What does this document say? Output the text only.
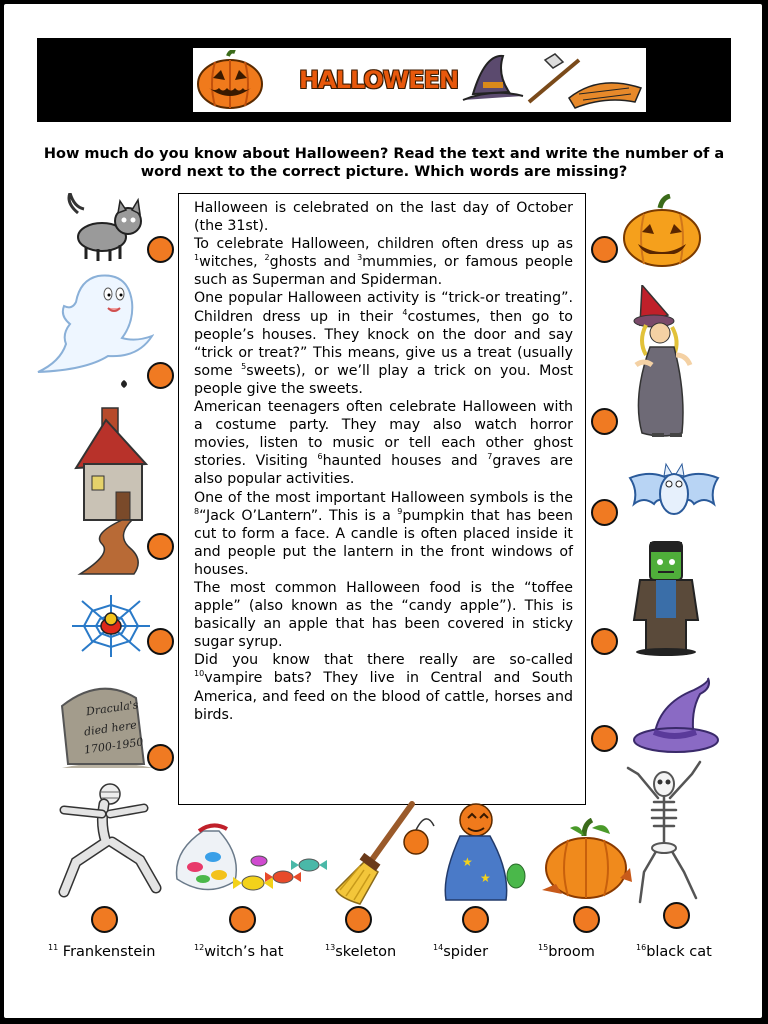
HALLOWEEN
How much do you know about Halloween? Read the text and write the number of a word next to the correct picture. Which words are missing?

Halloween is celebrated on the last day of October (the 31st).

To celebrate Halloween, children often dress up as $^1$witches, $^2$ghosts and $^3$mummies, or famous people such as Superman and Spiderman.

One popular Halloween activity is “trick-or treating”. Children dress up in their $^4$costumes, then go to people’s houses. They knock on the door and say “trick or treat?” This means, give us a treat (usually some $^5$sweets), or we’ll play a trick on you. Most people give the sweets.

American teenagers often celebrate Halloween with a costume party. They may also watch horror movies, listen to music or tell each other ghost stories. Visiting $^6$haunted houses and $^7$graves are also popular activities.

One of the most important Halloween symbols is the $^8$“Jack O’Lantern”. This is a $^9$pumpkin that has been cut to form a face. A candle is often placed inside it and people put the lantern in the front windows of houses.

The most common Halloween food is the “toffee apple” (also known as the “candy apple”). This is basically an apple that has been covered in sticky sugar syrup.

Did you know that there really are so-called $^{10}$vampire bats? They live in Central and South America, and feed on the blood of cattle, horses and birds.

Dracula's
died here
1700-1950
★
★
$^{11}$ Frankenstein	$^{12}$witch’s hat	$^{13}$skeleton	$^{14}$spider	$^{15}$broom	$^{16}$black cat
